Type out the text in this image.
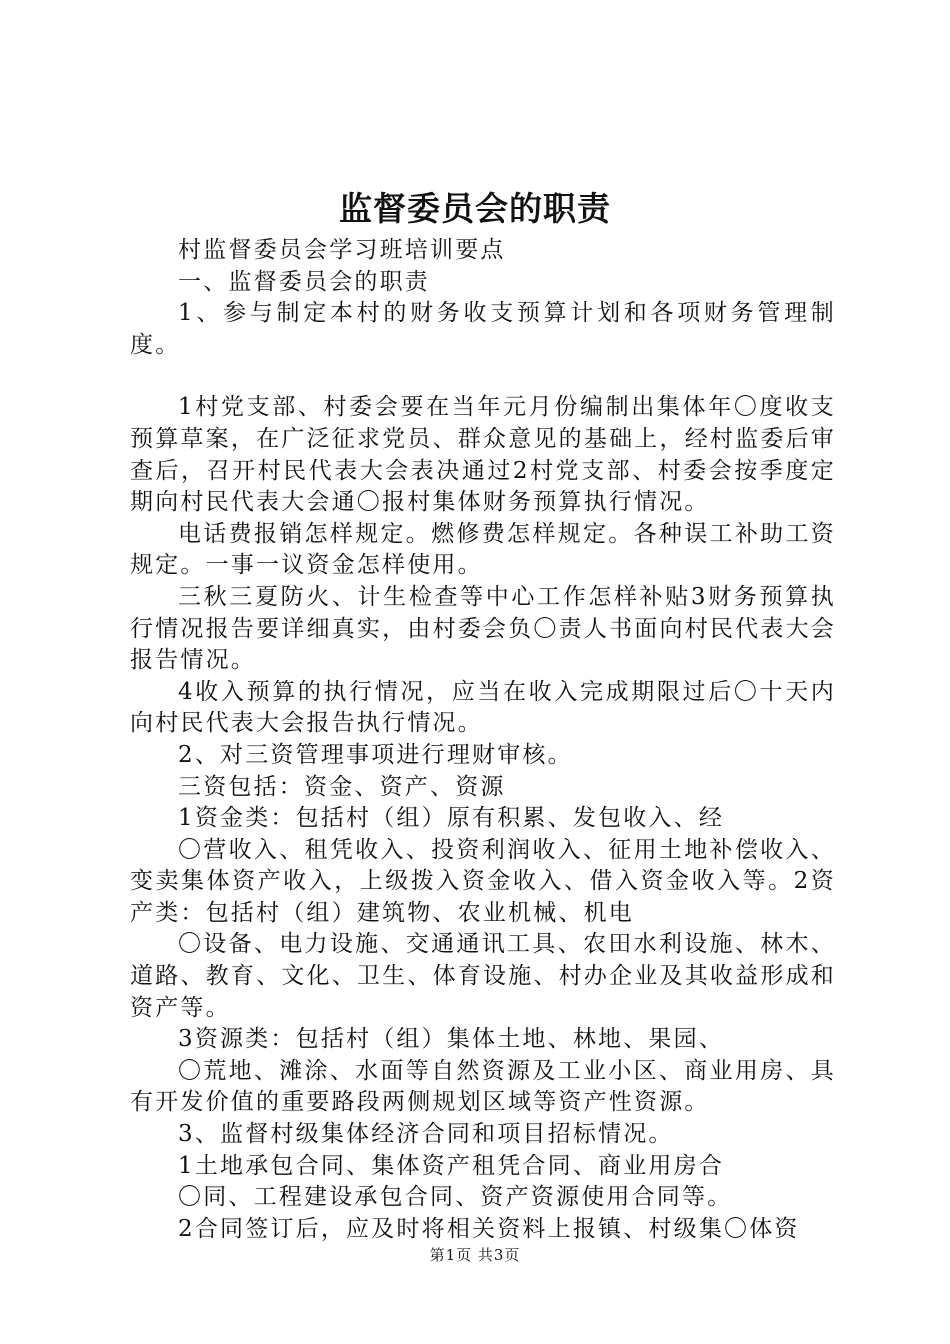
监督委员会的职责

村监督委员会学习班培训要点

一、监督委员会的职责

1、参与制定本村的财务收支预算计划和各项财务管理制度。

1村党支部、村委会要在当年元月份编制出集体年〇度收支预算草案，在广泛征求党员、群众意见的基础上，经村监委后审查后，召开村民代表大会表决通过2村党支部、村委会按季度定期向村民代表大会通〇报村集体财务预算执行情况。

电话费报销怎样规定。燃修费怎样规定。各种误工补助工资规定。一事一议资金怎样使用。

三秋三夏防火、计生检查等中心工作怎样补贴3财务预算执行情况报告要详细真实，由村委会负〇责人书面向村民代表大会报告情况。

4收入预算的执行情况，应当在收入完成期限过后〇十天内向村民代表大会报告执行情况。

2、对三资管理事项进行理财审核。

三资包括：资金、资产、资源

1资金类：包括村（组）原有积累、发包收入、经

〇营收入、租凭收入、投资利润收入、征用土地补偿收入、变卖集体资产收入，上级拨入资金收入、借入资金收入等。2资产类：包括村（组）建筑物、农业机械、机电

〇设备、电力设施、交通通讯工具、农田水利设施、林木、道路、教育、文化、卫生、体育设施、村办企业及其收益形成和资产等。

3资源类：包括村（组）集体土地、林地、果园、

〇荒地、滩涂、水面等自然资源及工业小区、商业用房、具有开发价值的重要路段两侧规划区域等资产性资源。

3、监督村级集体经济合同和项目招标情况。

1土地承包合同、集体资产租凭合同、商业用房合

〇同、工程建设承包合同、资产资源使用合同等。

2合同签订后，应及时将相关资料上报镇、村级集〇体资

第1页 共3页
